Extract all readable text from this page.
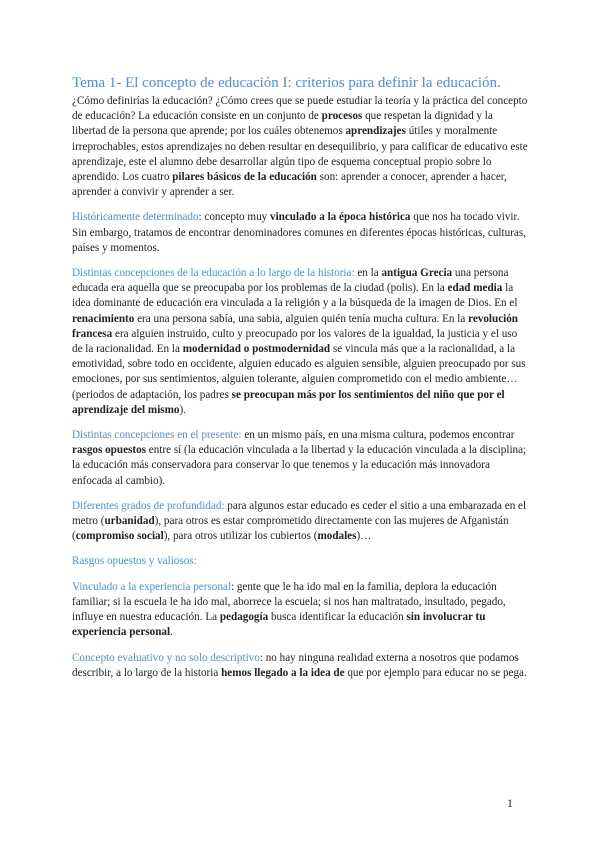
Tema 1- El concepto de educación I: criterios para definir la educación.

¿Cómo definirías la educación? ¿Cómo crees que se puede estudiar la teoría y la práctica del concepto de educación? La educación consiste en un conjunto de procesos que respetan la dignidad y la libertad de la persona que aprende; por los cuáles obtenemos aprendizajes útiles y moralmente irreprochables, estos aprendizajes no deben resultar en desequilibrio, y para calificar de educativo este aprendizaje, este el alumno debe desarrollar algún tipo de esquema conceptual propio sobre lo aprendido. Los cuatro pilares básicos de la educación son: aprender a conocer, aprender a hacer, aprender a convivir y aprender a ser.

Históricamente determinado: concepto muy vinculado a la época histórica que nos ha tocado vivir. Sin embargo, tratamos de encontrar denominadores comunes en diferentes épocas históricas, culturas, países y momentos.

Distintas concepciones de la educación a lo largo de la historia: en la antigua Grecia una persona educada era aquella que se preocupaba por los problemas de la ciudad (polis). En la edad media la idea dominante de educación era vinculada a la religión y a la búsqueda de la imagen de Dios. En el renacimiento era una persona sabía, una sabia, alguien quién tenía mucha cultura. En la revolución francesa era alguien instruido, culto y preocupado por los valores de la igualdad, la justicia y el uso de la racionalidad. En la modernidad o postmodernidad se vincula más que a la racionalidad, a la emotividad, sobre todo en occidente, alguien educado es alguien sensible, alguien preocupado por sus emociones, por sus sentimientos, alguien tolerante, alguien comprometido con el medio ambiente… (periodos de adaptación, los padres se preocupan más por los sentimientos del niño que por el aprendizaje del mismo).

Distintas concepciones en el presente: en un mismo país, en una misma cultura, podemos encontrar rasgos opuestos entre sí (la educación vinculada a la libertad y la educación vinculada a la disciplina; la educación más conservadora para conservar lo que tenemos y la educación más innovadora enfocada al cambio).

Diferentes grados de profundidad: para algunos estar educado es ceder el sitio a una embarazada en el metro (urbanidad), para otros es estar comprometido directamente con las mujeres de Afganistán (compromiso social), para otros utilizar los cubiertos (modales)…

Rasgos opuestos y valiosos:

Vinculado a la experiencia personal: gente que le ha ido mal en la familia, deplora la educación familiar; si la escuela le ha ido mal, aborrece la escuela; si nos han maltratado, insultado, pegado, influye en nuestra educación. La pedagogía busca identificar la educación sin involucrar tu experiencia personal.

Concepto evaluativo y no solo descriptivo: no hay ninguna realidad externa a nosotros que podamos describir, a lo largo de la historia hemos llegado a la idea de que por ejemplo para educar no se pega.

1
